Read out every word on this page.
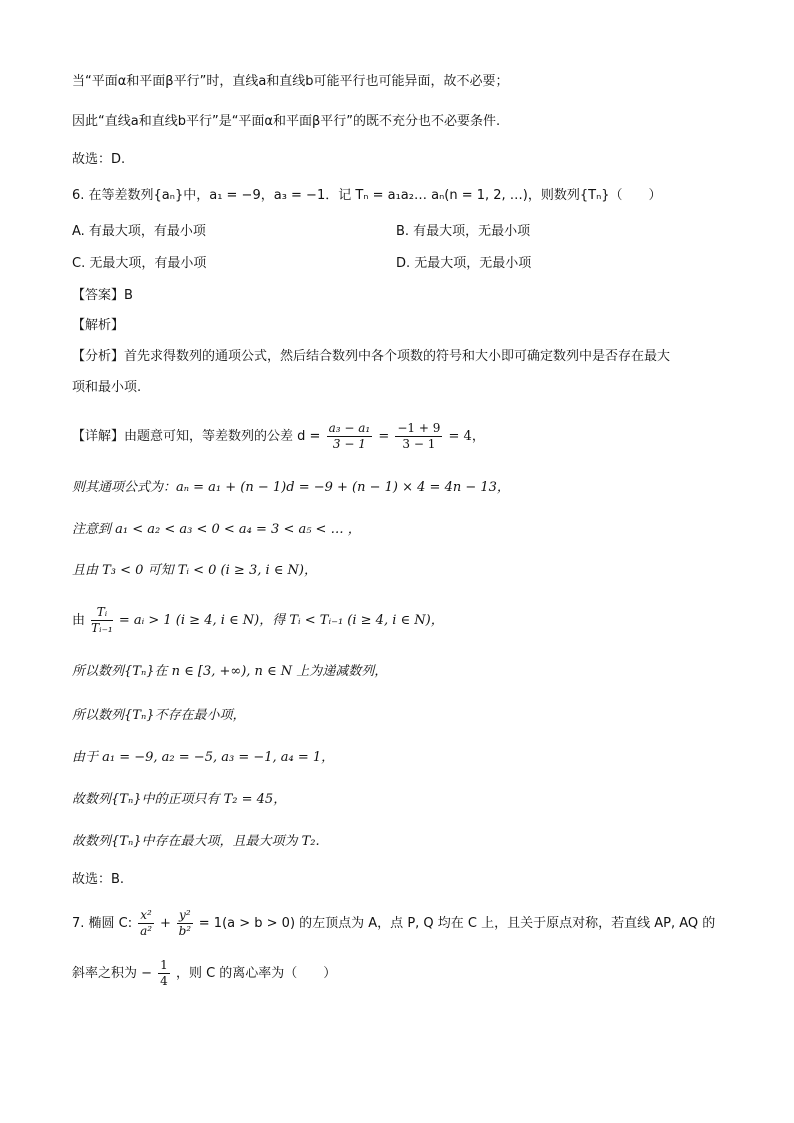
当“平面α和平面β平行”时，直线a和直线b可能平行也可能异面，故不必要；
因此“直线a和直线b平行”是“平面α和平面β平行”的既不充分也不必要条件.
故选：D.
6. 在等差数列{aₙ}中，a₁ = −9，a₃ = −1．记 Tₙ = a₁a₂… aₙ(n = 1, 2, …)，则数列{Tₙ}（　　）
A. 有最大项，有最小项	B. 有最大项，无最小项
C. 无最大项，有最小项	D. 无最大项，无最小项
【答案】B
【解析】
【分析】首先求得数列的通项公式，然后结合数列中各个项数的符号和大小即可确定数列中是否存在最大
项和最小项.
【详解】由题意可知，等差数列的公差 $d = \frac{\text{a₃ − a₁}}{3 - 1} = \frac{-1 + 9}{3 - 1} = 4$，
则其通项公式为：aₙ = a₁ + (n − 1)d = −9 + (n − 1) × 4 = 4n − 13，
注意到 a₁ < a₂ < a₃ < 0 < a₄ = 3 < a₅ < … ，
且由 T₃ < 0 可知 Tᵢ < 0 (i ≥ 3, i ∈ N)，
由 $\frac{\text{Tᵢ}}{\text{Tᵢ₋₁}}$ = aᵢ > 1 (i ≥ 4, i ∈ N)，得 Tᵢ < Tᵢ₋₁ (i ≥ 4, i ∈ N)，
所以数列{Tₙ}在 n ∈ [3, +∞), n ∈ N 上为递减数列，
所以数列{Tₙ}不存在最小项，
由于 a₁ = −9, a₂ = −5, a₃ = −1, a₄ = 1，
故数列{Tₙ}中的正项只有 T₂ = 45，
故数列{Tₙ}中存在最大项，且最大项为 T₂.
故选：B.
7. 椭圆 C: $\frac{\text{x²}}{\text{a²}} + \frac{\text{y²}}{\text{b²}} = 1(a > b > 0)$ 的左顶点为 A，点 P, Q 均在 C 上，且关于原点对称，若直线 AP, AQ 的
斜率之积为 − $\frac{1}{4}$ ，则 C 的离心率为（　　）
